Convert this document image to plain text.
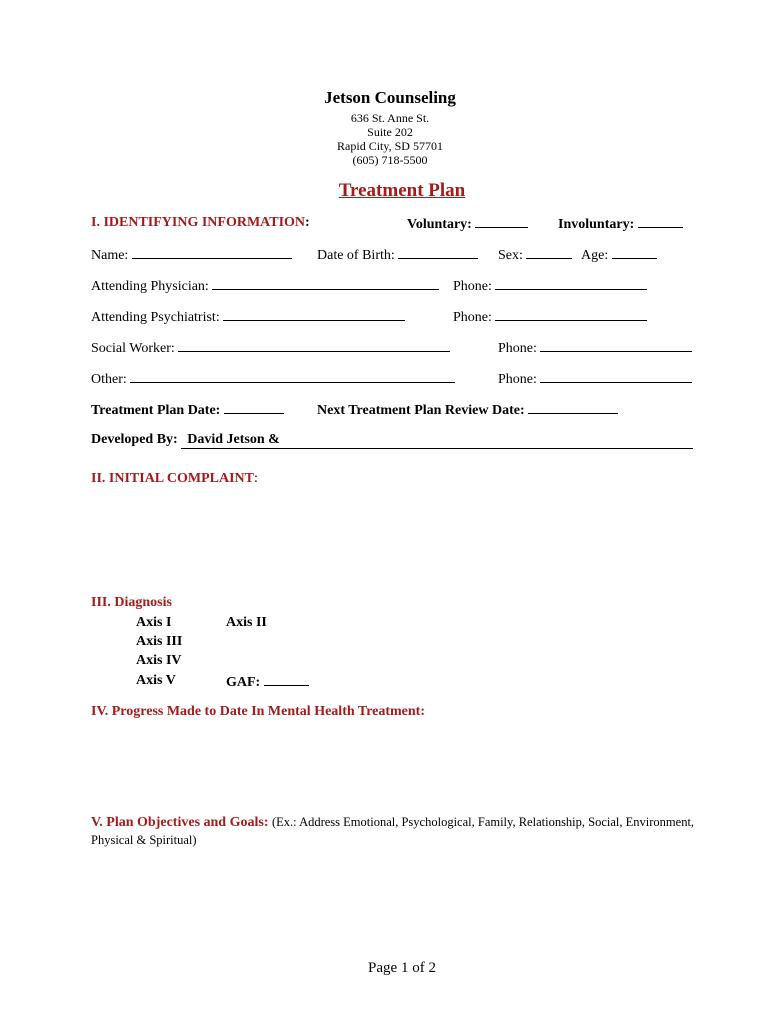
Jetson Counseling
636 St. Anne St.
Suite 202
Rapid City, SD 57701
(605) 718-5500
Treatment Plan
I. IDENTIFYING INFORMATION:	Voluntary:	Involuntary:
Name:	Date of Birth:	Sex:	Age:
Attending Physician:	Phone:
Attending Psychiatrist:	Phone:
Social Worker:	Phone:
Other:	Phone:
Treatment Plan Date:	Next Treatment Plan Review Date:
Developed By: David Jetson &
II. INITIAL COMPLAINT:
III. Diagnosis
Axis I	Axis II
Axis III
Axis IV
Axis V	GAF:
IV. Progress Made to Date In Mental Health Treatment:
V. Plan Objectives and Goals: (Ex.: Address Emotional, Psychological, Family, Relationship, Social, Environment,
Physical & Spiritual)
Page 1 of 2
